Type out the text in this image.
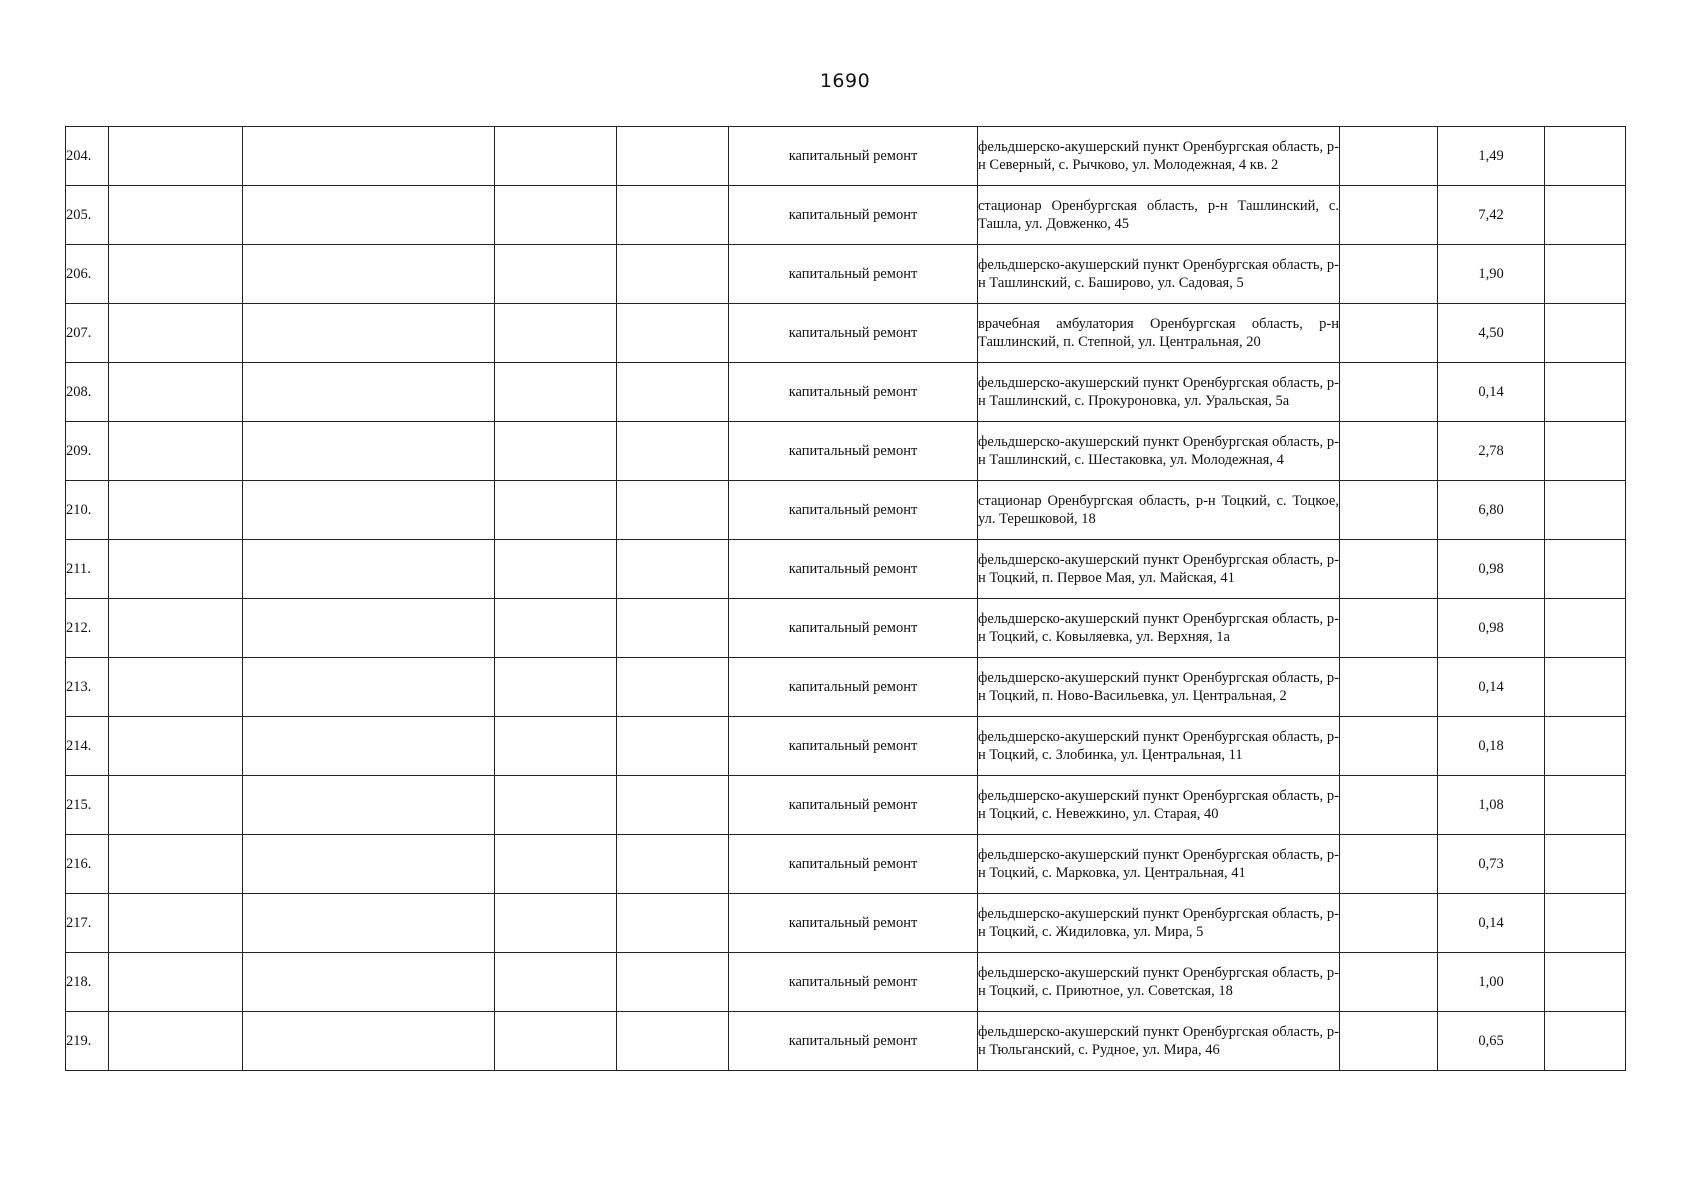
1690
204.					капитальный ремонт	фельдшерско-акушерский пункт Оренбургская область, р-н Северный, с. Рычково, ул. Молодежная, 4 кв. 2		1,49	
205.					капитальный ремонт	стационар Оренбургская область, р-н Ташлинский, с. Ташла, ул. Довженко, 45		7,42	
206.					капитальный ремонт	фельдшерско-акушерский пункт Оренбургская область, р-н Ташлинский, с. Баширово, ул. Садовая, 5		1,90	
207.					капитальный ремонт	врачебная амбулатория Оренбургская область, р-н Ташлинский, п. Степной, ул. Центральная, 20		4,50	
208.					капитальный ремонт	фельдшерско-акушерский пункт Оренбургская область, р-н Ташлинский, с. Прокуроновка, ул. Уральская, 5а		0,14	
209.					капитальный ремонт	фельдшерско-акушерский пункт Оренбургская область, р-н Ташлинский, с. Шестаковка, ул. Молодежная, 4		2,78	
210.					капитальный ремонт	стационар Оренбургская область, р-н Тоцкий, с. Тоцкое, ул. Терешковой, 18		6,80	
211.					капитальный ремонт	фельдшерско-акушерский пункт Оренбургская область, р-н Тоцкий, п. Первое Мая, ул. Майская, 41		0,98	
212.					капитальный ремонт	фельдшерско-акушерский пункт Оренбургская область, р-н Тоцкий, с. Ковыляевка, ул. Верхняя, 1а		0,98	
213.					капитальный ремонт	фельдшерско-акушерский пункт Оренбургская область, р-н Тоцкий, п. Ново-Васильевка, ул. Центральная, 2		0,14	
214.					капитальный ремонт	фельдшерско-акушерский пункт Оренбургская область, р-н Тоцкий, с. Злобинка, ул. Центральная, 11		0,18	
215.					капитальный ремонт	фельдшерско-акушерский пункт Оренбургская область, р-н Тоцкий, с. Невежкино, ул. Старая, 40		1,08	
216.					капитальный ремонт	фельдшерско-акушерский пункт Оренбургская область, р-н Тоцкий, с. Марковка, ул. Центральная, 41		0,73	
217.					капитальный ремонт	фельдшерско-акушерский пункт Оренбургская область, р-н Тоцкий, с. Жидиловка, ул. Мира, 5		0,14	
218.					капитальный ремонт	фельдшерско-акушерский пункт Оренбургская область, р-н Тоцкий, с. Приютное, ул. Советская, 18		1,00	
219.					капитальный ремонт	фельдшерско-акушерский пункт Оренбургская область, р-н Тюльганский, с. Рудное, ул. Мира, 46		0,65	
